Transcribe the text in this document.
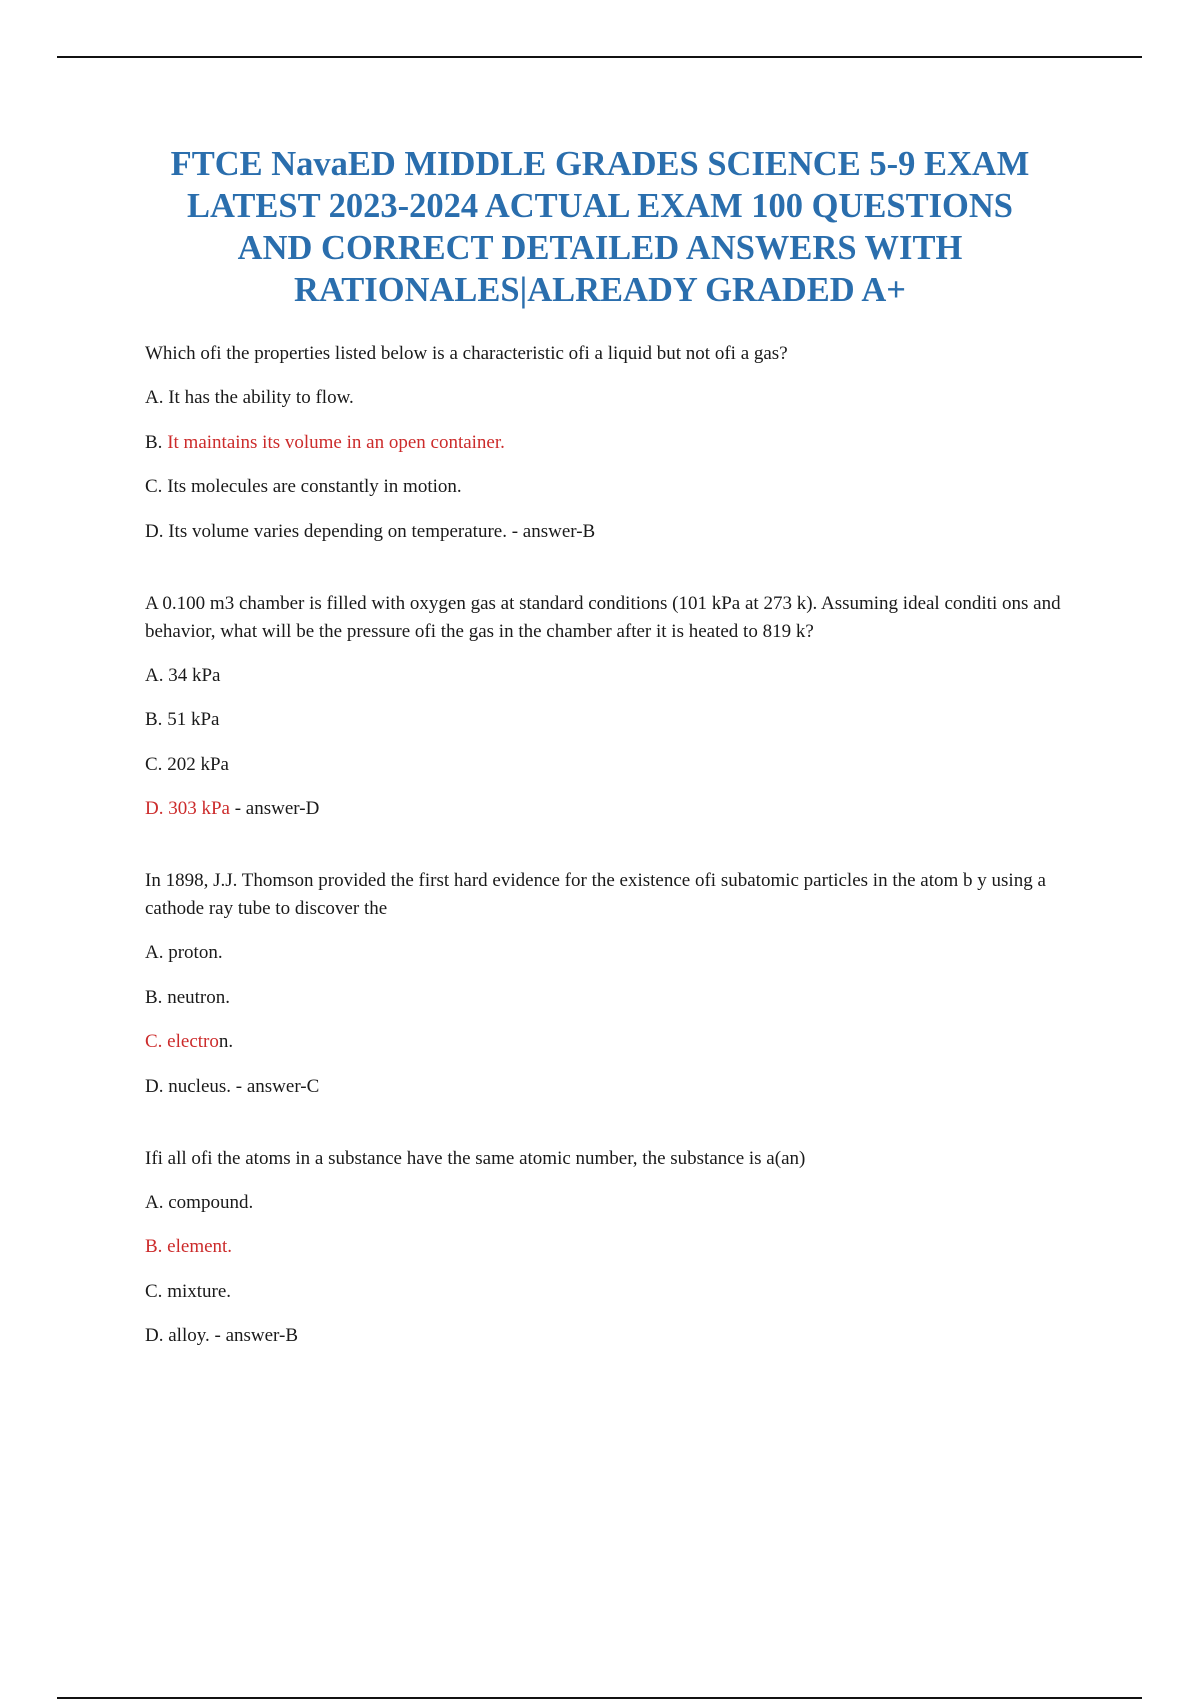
FTCE NavaED MIDDLE GRADES SCIENCE 5-9 EXAM
LATEST 2023-2024 ACTUAL EXAM 100 QUESTIONS
AND CORRECT DETAILED ANSWERS WITH
RATIONALES|ALREADY GRADED A+

Which ofi the properties listed below is a characteristic ofi a liquid but not ofi a gas?

A. It has the ability to flow.

B. It maintains its volume in an open container.

C. Its molecules are constantly in motion.

D. Its volume varies depending on temperature. - answer-B

A 0.100 m3 chamber is filled with oxygen gas at standard conditions (101 kPa at 273 k). Assuming ideal conditi ons and behavior, what will be the pressure ofi the gas in the chamber after it is heated to 819 k?

A. 34 kPa

B. 51 kPa

C. 202 kPa

D. 303 kPa - answer-D

In 1898, J.J. Thomson provided the first hard evidence for the existence ofi subatomic particles in the atom b y using a cathode ray tube to discover the

A. proton.

B. neutron.

C. electron.

D. nucleus. - answer-C

Ifi all ofi the atoms in a substance have the same atomic number, the substance is a(an)

A. compound.

B. element.

C. mixture.

D. alloy. - answer-B
